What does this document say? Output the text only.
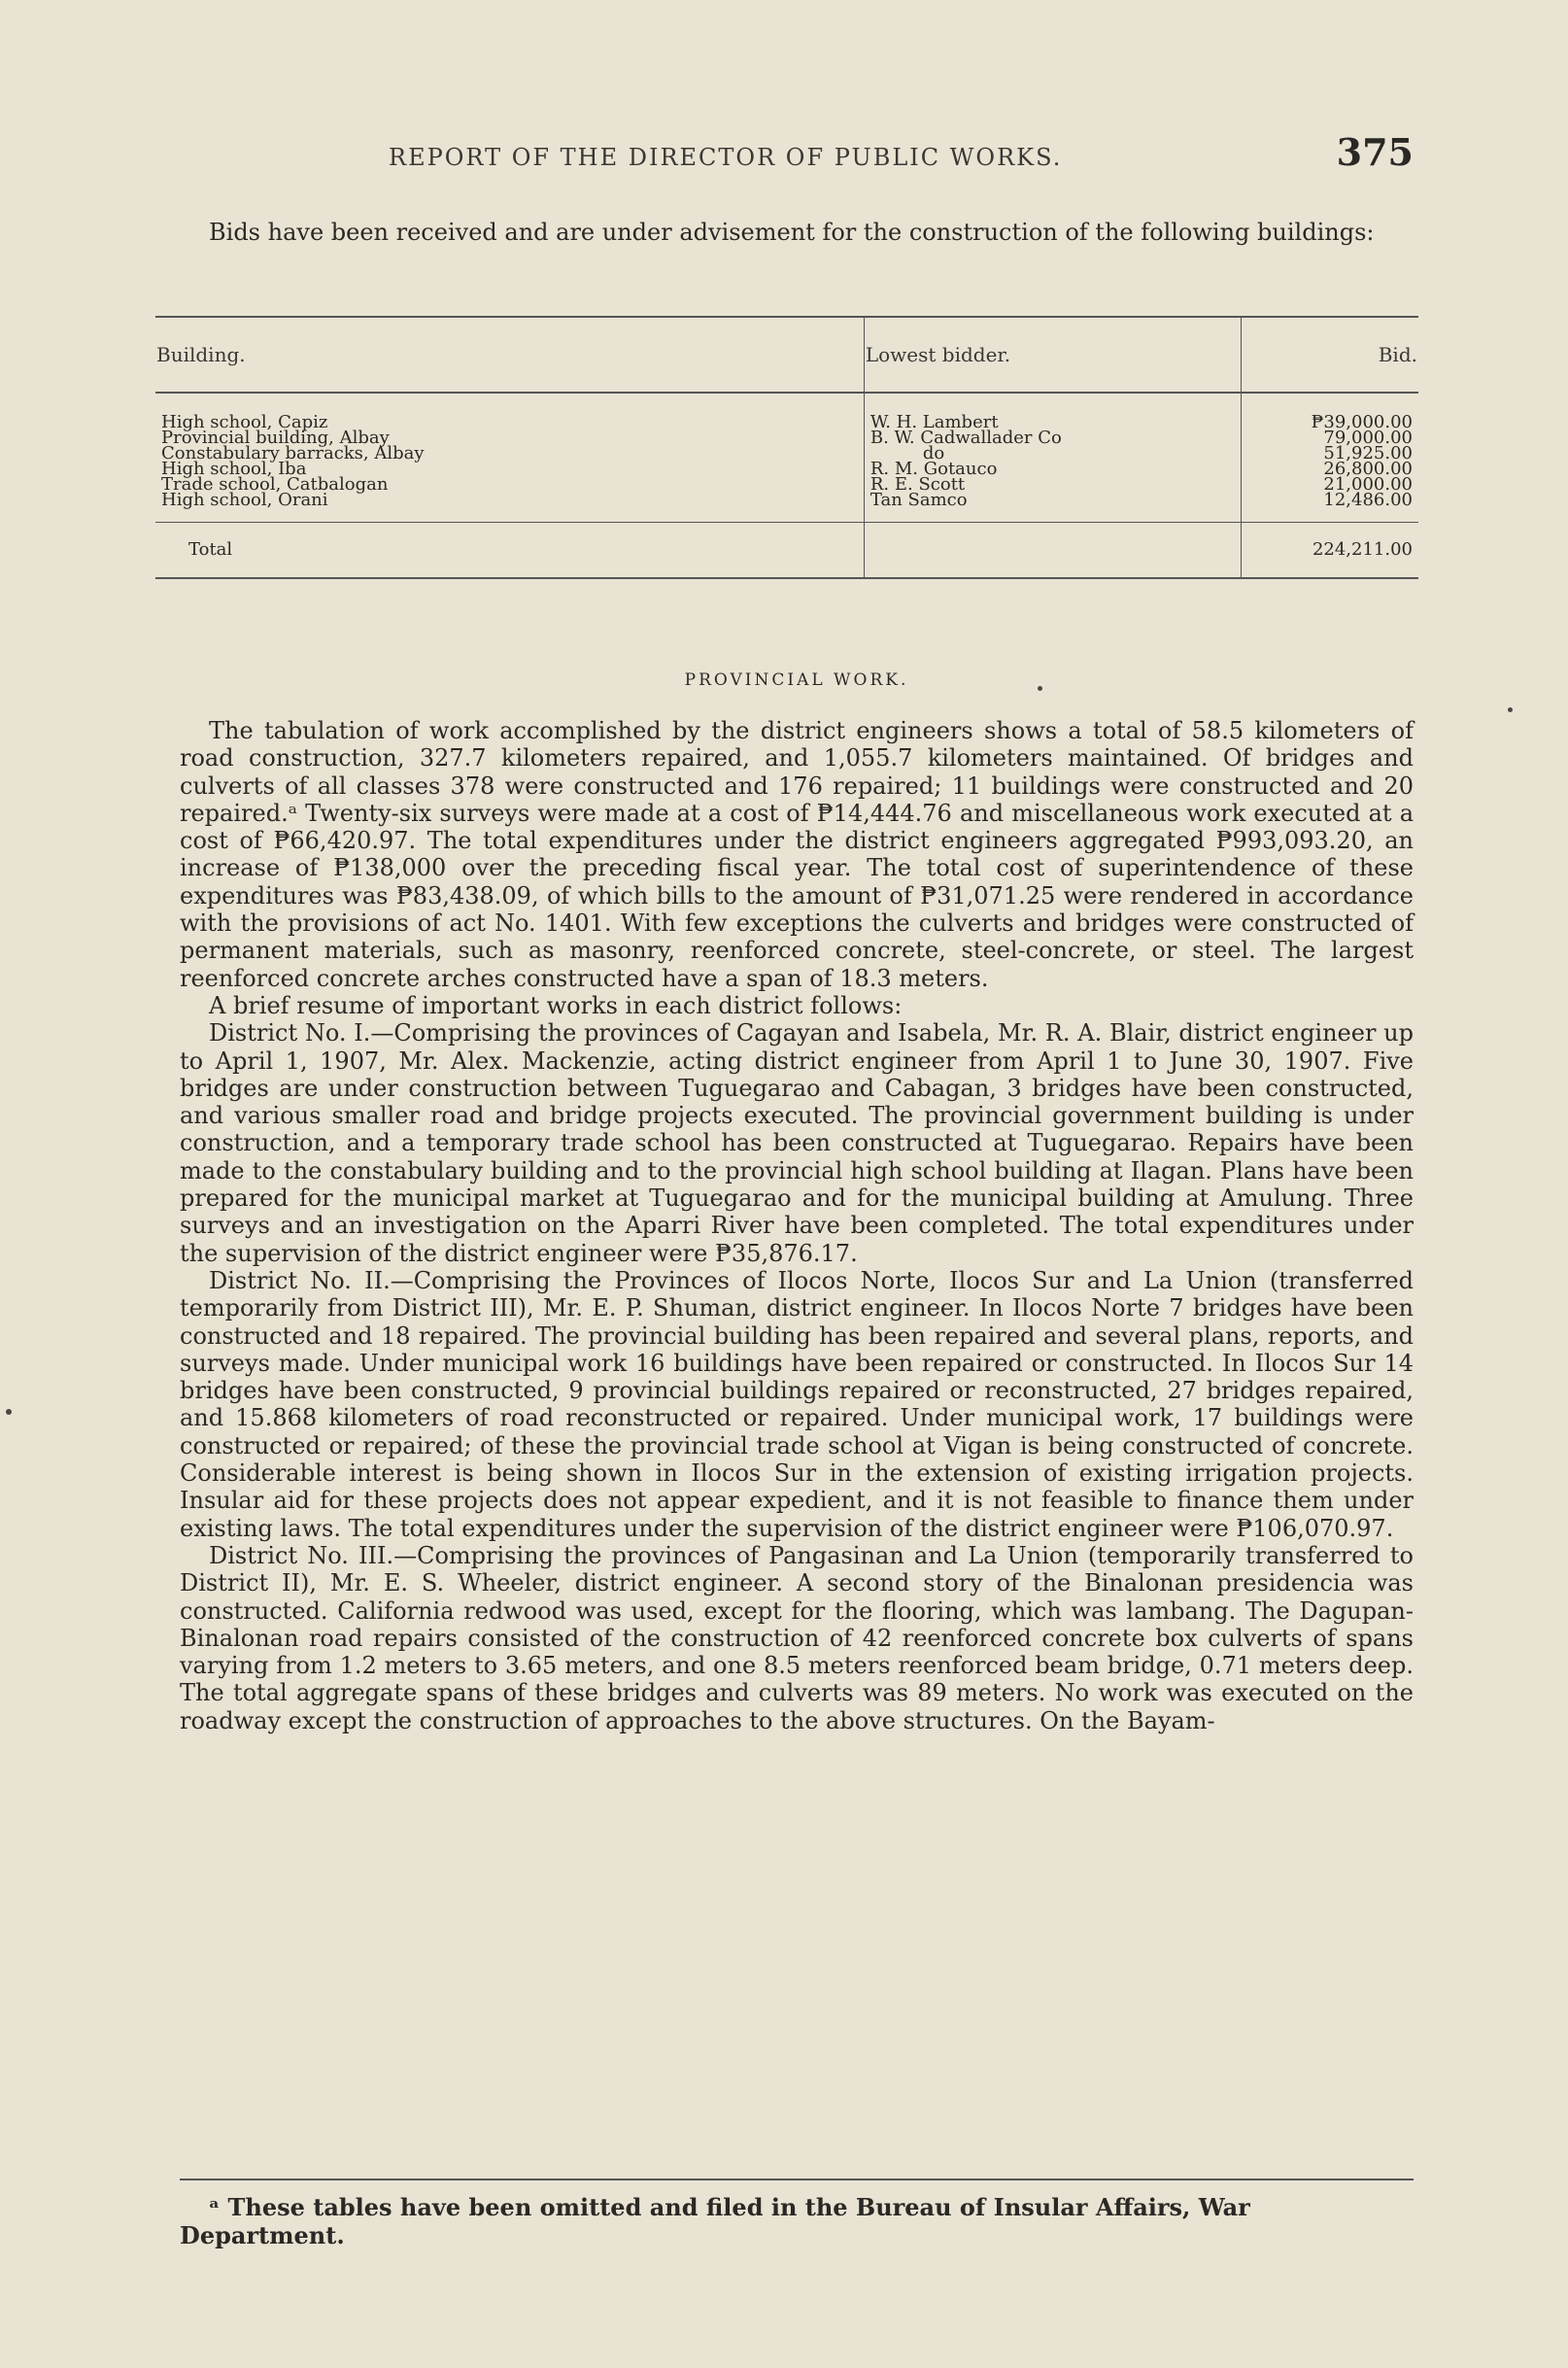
REPORT OF THE DIRECTOR OF PUBLIC WORKS.	375

Bids have been received and are under advisement for the construction of the following buildings:

Building.	Lowest bidder.	Bid.
High school, Capiz	W. H. Lambert	₱39,000.00
Provincial building, Albay	B. W. Cadwallader Co	79,000.00
Constabulary barracks, Albay	do	51,925.00
High school, Iba	R. M. Gotauco	26,800.00
Trade school, Catbalogan	R. E. Scott	21,000.00
High school, Orani	Tan Samco	12,486.00
Total		224,211.00
PROVINCIAL WORK.

The tabulation of work accomplished by the district engineers shows a total of 58.5 kilometers of road construction, 327.7 kilometers repaired, and 1,055.7 kilometers maintained. Of bridges and culverts of all classes 378 were constructed and 176 repaired; 11 buildings were constructed and 20 repaired.ᵃ Twenty-six surveys were made at a cost of ₱14,444.76 and miscellaneous work executed at a cost of ₱66,420.97. The total expenditures under the district engineers aggregated ₱993,093.20, an increase of ₱138,000 over the preceding fiscal year. The total cost of superintendence of these expenditures was ₱83,438.09, of which bills to the amount of ₱31,071.25 were rendered in accordance with the provisions of act No. 1401. With few exceptions the culverts and bridges were constructed of permanent materials, such as masonry, reenforced concrete, steel-concrete, or steel. The largest reenforced concrete arches constructed have a span of 18.3 meters.

A brief resume of important works in each district follows:

District No. I.—Comprising the provinces of Cagayan and Isabela, Mr. R. A. Blair, district engineer up to April 1, 1907, Mr. Alex. Mackenzie, acting district engineer from April 1 to June 30, 1907. Five bridges are under construction between Tuguegarao and Cabagan, 3 bridges have been constructed, and various smaller road and bridge projects executed. The provincial government building is under construction, and a temporary trade school has been constructed at Tuguegarao. Repairs have been made to the constabulary building and to the provincial high school building at Ilagan. Plans have been prepared for the municipal market at Tuguegarao and for the municipal building at Amulung. Three surveys and an investigation on the Aparri River have been completed. The total expenditures under the supervision of the district engineer were ₱35,876.17.

District No. II.—Comprising the Provinces of Ilocos Norte, Ilocos Sur and La Union (transferred temporarily from District III), Mr. E. P. Shuman, district engineer. In Ilocos Norte 7 bridges have been constructed and 18 repaired. The provincial building has been repaired and several plans, reports, and surveys made. Under municipal work 16 buildings have been repaired or constructed. In Ilocos Sur 14 bridges have been constructed, 9 provincial buildings repaired or reconstructed, 27 bridges repaired, and 15.868 kilometers of road reconstructed or repaired. Under municipal work, 17 buildings were constructed or repaired; of these the provincial trade school at Vigan is being constructed of concrete. Considerable interest is being shown in Ilocos Sur in the extension of existing irrigation projects. Insular aid for these projects does not appear expedient, and it is not feasible to finance them under existing laws. The total expenditures under the supervision of the district engineer were ₱106,070.97.

District No. III.—Comprising the provinces of Pangasinan and La Union (temporarily transferred to District II), Mr. E. S. Wheeler, district engineer. A second story of the Binalonan presidencia was constructed. California redwood was used, except for the flooring, which was lambang. The Dagupan-Binalonan road repairs consisted of the construction of 42 reenforced concrete box culverts of spans varying from 1.2 meters to 3.65 meters, and one 8.5 meters reenforced beam bridge, 0.71 meters deep. The total aggregate spans of these bridges and culverts was 89 meters. No work was executed on the roadway except the construction of approaches to the above structures. On the Bayam-

ᵃ These tables have been omitted and filed in the Bureau of Insular Affairs, War Department.
